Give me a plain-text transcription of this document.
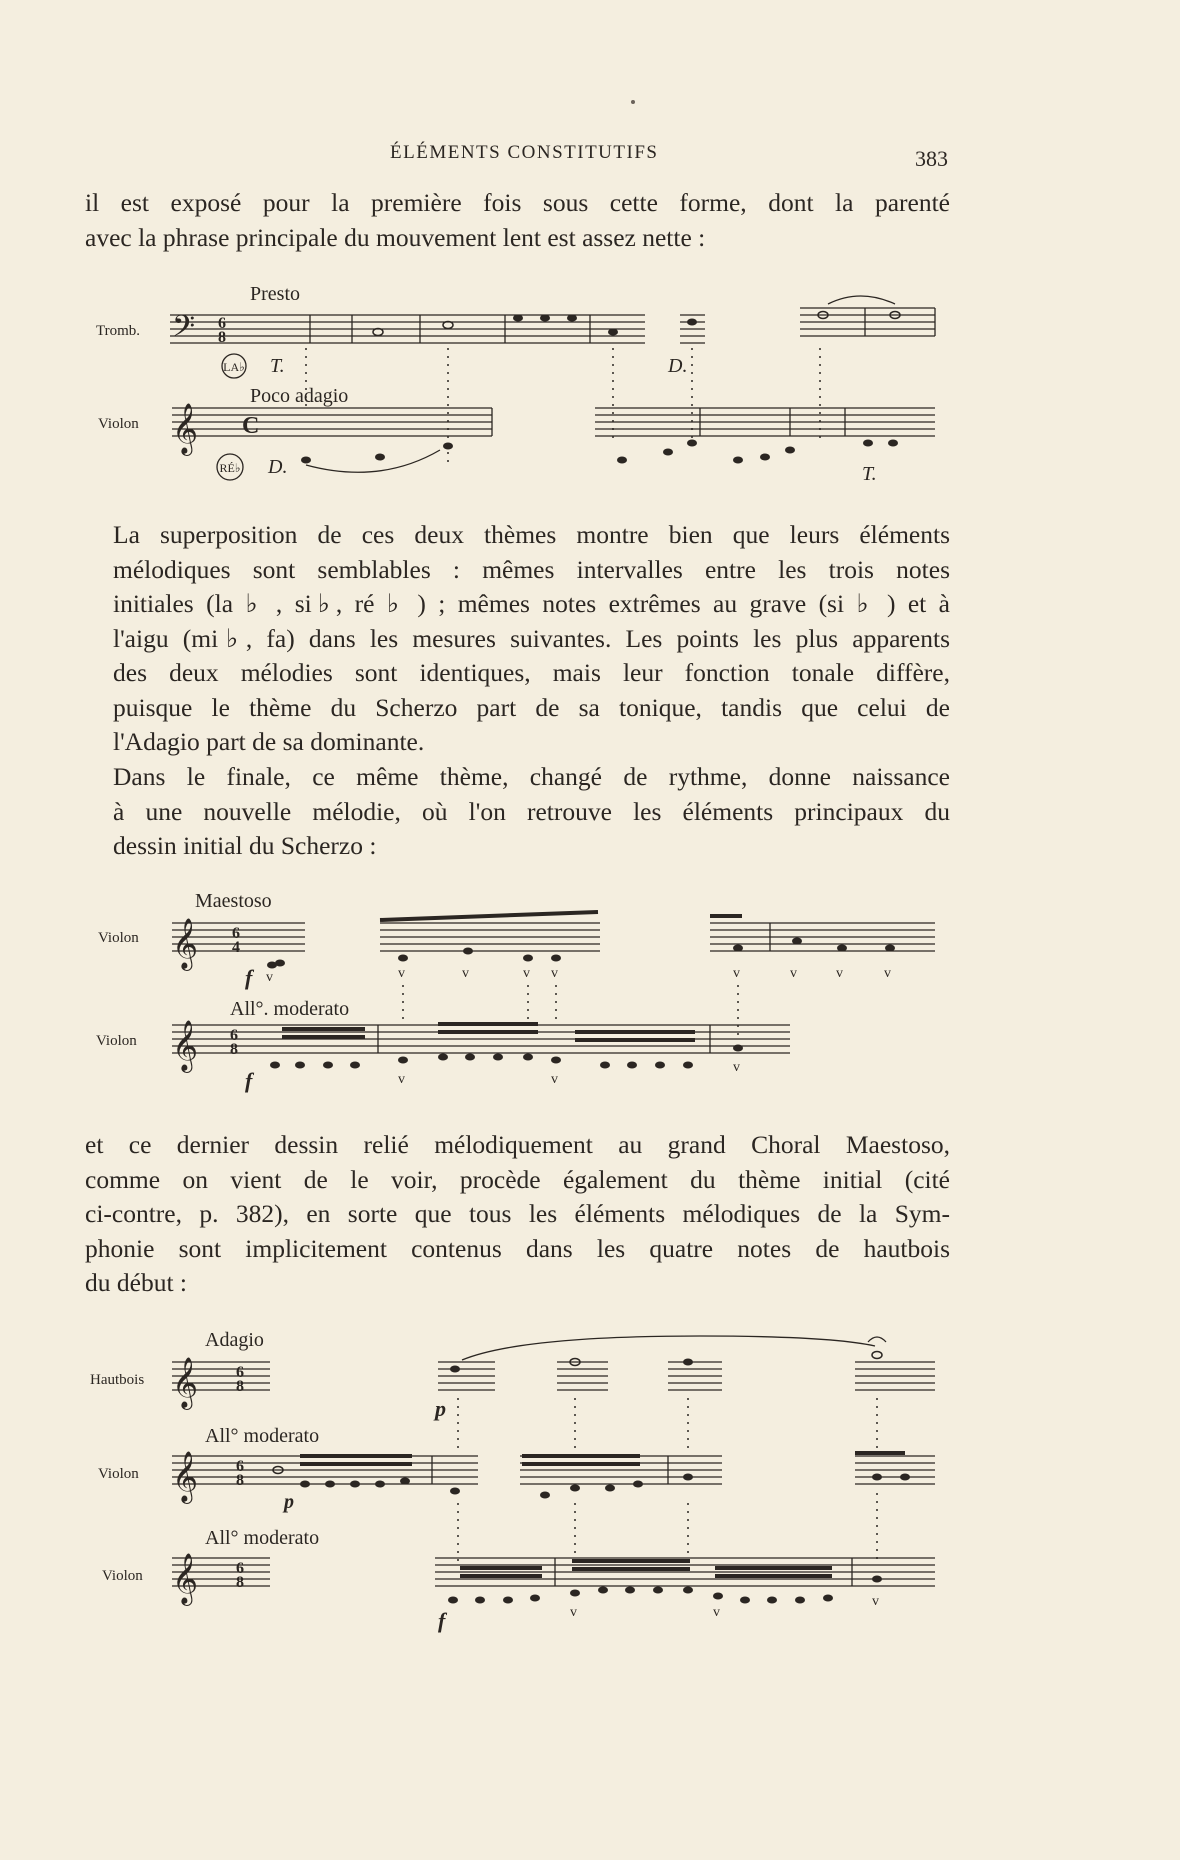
ÉLÉMENTS CONSTITUTIFS	383
il est exposé pour la première fois sous cette forme, dont la parenté
avec la phrase principale du mouvement lent est assez nette :
Presto
Tromb. 𝄢 6
8
LA♭ T.	D.
Poco adagio
Violon 𝄞 C
RÉ♭ D.	T.
La superposition de ces deux thèmes montre bien que leurs éléments
mélodiques sont semblables : mêmes intervalles entre les trois notes
initiales (la ♭ , si♭, ré ♭ ) ; mêmes notes extrêmes au grave (si ♭ ) et à
l'aigu (mi♭, fa) dans les mesures suivantes. Les points les plus apparents
des deux mélodies sont identiques, mais leur fonction tonale diffère,
puisque le thème du Scherzo part de sa tonique, tandis que celui de
l'Adagio part de sa dominante.
Dans le finale, ce même thème, changé de rythme, donne naissance
à une nouvelle mélodie, où l'on retrouve les éléments principaux du
dessin initial du Scherzo :
Maestoso
Violon 𝄞 6
4
f v	v	v	v v	v	v	v	v
All°. moderato
Violon 𝄞 6
8
f	v	v
v
et ce dernier dessin relié mélodiquement au grand Choral Maestoso,
comme on vient de le voir, procède également du thème initial (cité
ci-contre, p. 382), en sorte que tous les éléments mélodiques de la Sym-
phonie sont implicitement contenus dans les quatre notes de hautbois
du début :
Adagio
Hautbois 𝄞 6
8
p
All° moderato
Violon 𝄞 6
8
p
All° moderato
Violon 𝄞 6
8
f	v	v
v
